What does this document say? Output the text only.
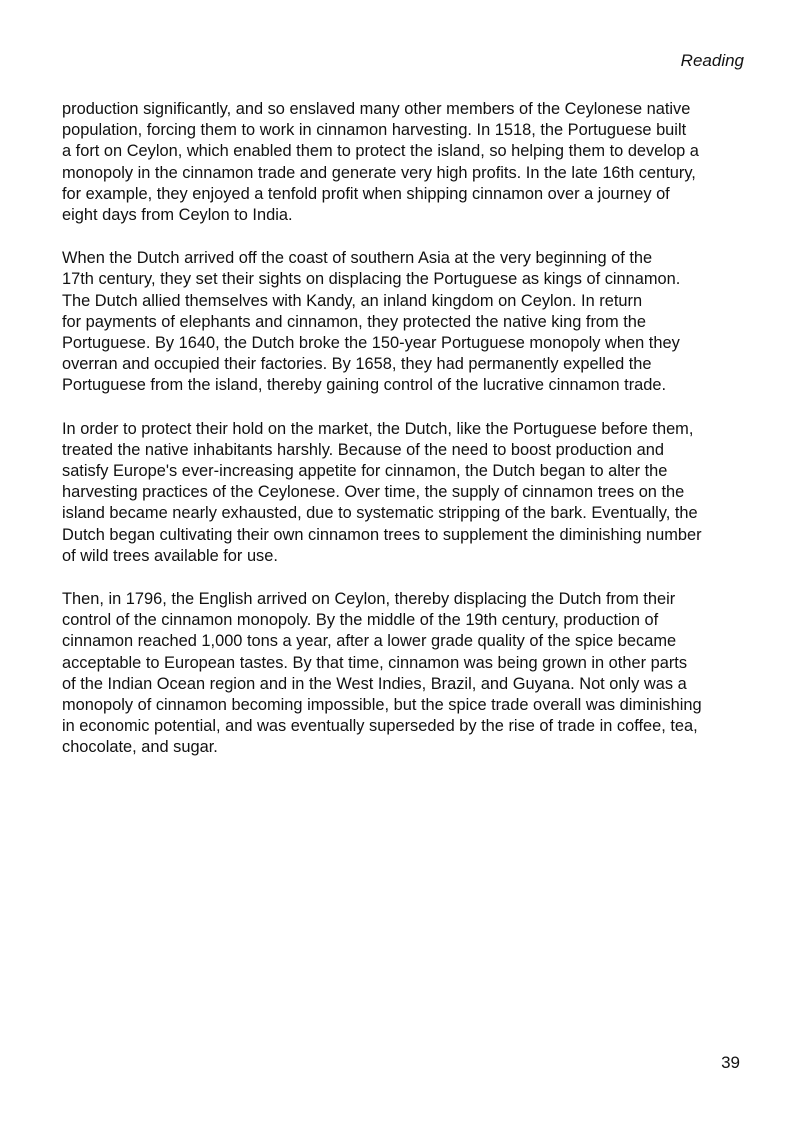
Reading
production significantly, and so enslaved many other members of the Ceylonese native
population, forcing them to work in cinnamon harvesting. In 1518, the Portuguese built
a fort on Ceylon, which enabled them to protect the island, so helping them to develop a
monopoly in the cinnamon trade and generate very high profits. In the late 16th century,
for example, they enjoyed a tenfold profit when shipping cinnamon over a journey of
eight days from Ceylon to India.
When the Dutch arrived off the coast of southern Asia at the very beginning of the
17th century, they set their sights on displacing the Portuguese as kings of cinnamon.
The Dutch allied themselves with Kandy, an inland kingdom on Ceylon. In return
for payments of elephants and cinnamon, they protected the native king from the
Portuguese. By 1640, the Dutch broke the 150-year Portuguese monopoly when they
overran and occupied their factories. By 1658, they had permanently expelled the
Portuguese from the island, thereby gaining control of the lucrative cinnamon trade.
In order to protect their hold on the market, the Dutch, like the Portuguese before them,
treated the native inhabitants harshly. Because of the need to boost production and
satisfy Europe's ever-increasing appetite for cinnamon, the Dutch began to alter the
harvesting practices of the Ceylonese. Over time, the supply of cinnamon trees on the
island became nearly exhausted, due to systematic stripping of the bark. Eventually, the
Dutch began cultivating their own cinnamon trees to supplement the diminishing number
of wild trees available for use.
Then, in 1796, the English arrived on Ceylon, thereby displacing the Dutch from their
control of the cinnamon monopoly. By the middle of the 19th century, production of
cinnamon reached 1,000 tons a year, after a lower grade quality of the spice became
acceptable to European tastes. By that time, cinnamon was being grown in other parts
of the Indian Ocean region and in the West Indies, Brazil, and Guyana. Not only was a
monopoly of cinnamon becoming impossible, but the spice trade overall was diminishing
in economic potential, and was eventually superseded by the rise of trade in coffee, tea,
chocolate, and sugar.
39
